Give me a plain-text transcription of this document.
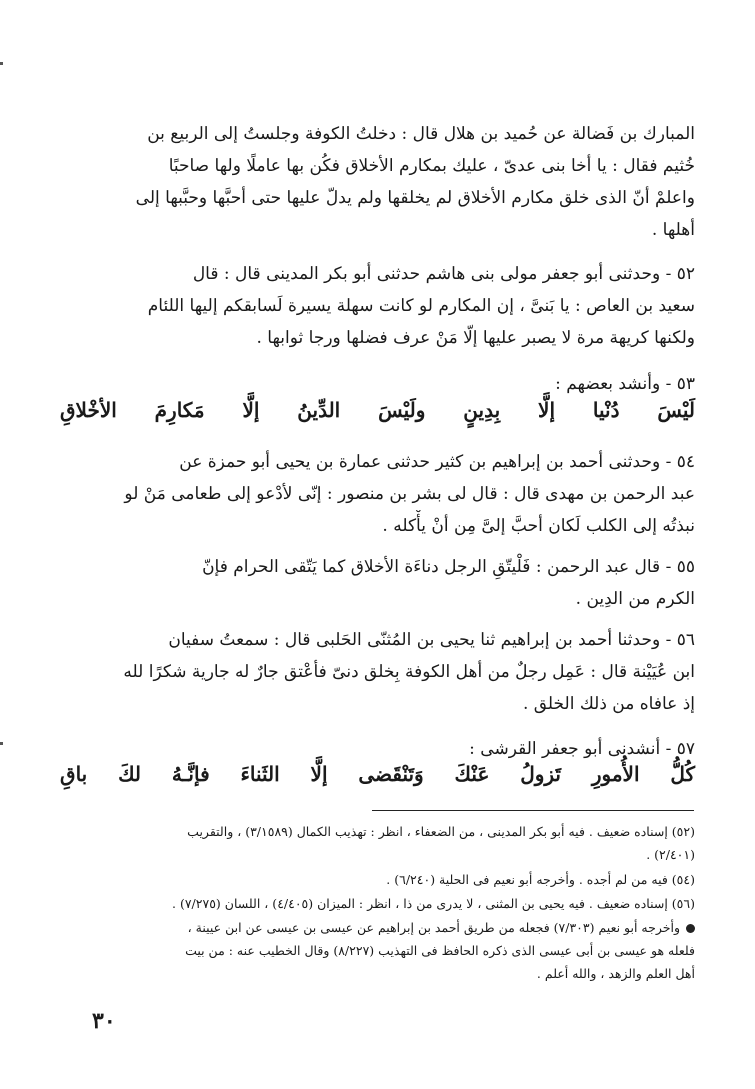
المبارك بن فَضالة عن حُميد بن هلال قال : دخلتُ الكوفة وجلستُ إلى الربيع بن
خُثيم فقال : يا أخا بنى عدىّ ، عليك بمكارم الأخلاق فكُن بها عاملًا ولها صاحبًا
واعلمْ أنّ الذى خلق مكارم الأخلاق لم يخلقها ولم يدلّ عليها حتى أحبَّها وحبَّبها إلى
أهلها .
٥٢ - وحدثنى أبو جعفر مولى بنى هاشم حدثنى أبو بكر المدينى قال : قال
سعيد بن العاص : يا بَنىَّ ، إن المكارم لو كانت سهلة يسيرة لَسابقكم إليها اللئام
ولكنها كريهة مرة لا يصبر عليها إلّا مَنْ عرف فضلها ورجا ثوابها .
٥٣ - وأنشد بعضهم :
لَيْسَ
دُنْيا
إلَّا
بِدِينٍ
ولَيْسَ
الدِّينُ
إلَّا
مَكارِمَ
الأخْلاقِ
٥٤ - وحدثنى أحمد بن إبراهيم بن كثير حدثنى عمارة بن يحيى أبو حمزة عن
عبد الرحمن بن مهدى قال : قال لى بشر بن منصور : إنّى لأدْعو إلى طعامى مَنْ لو
نبذتُه إلى الكلب لَكان أحبَّ إلىَّ مِن أنْ يأْكله .
٥٥ - قال عبد الرحمن : فَلْيتّقِ الرجل دناءَة الأخلاق كما يَتّقى الحرام فإنّ
الكرم من الدِين .
٥٦ - وحدثنا أحمد بن إبراهيم ثنا يحيى بن المُثنّى الحَلبى قال : سمعتُ سفيان
ابن عُيَيْنة قال : عَمِل رجلٌ من أهل الكوفة بِخلق دنىّ فأعْتق جارٌ له جارية شكرًا لله
إذ عافاه من ذلك الخلق .
٥٧ - أنشدنى أبو جعفر القرشى :
كُلُّ
الأُمورِ
تَزولُ
عَنْكَ
وَتَنْقَضى
إلَّا
الثَناءَ
فإنَّـهُ
لكَ
باقِ
(٥٢) إسناده ضعيف . فيه أبو بكر المدينى ، من الضعفاء ، انظر : تهذيب الكمال (٣/١٥٨٩) ، والتقريب
(٢/٤٠١) .
(٥٤) فيه من لم أجده . وأخرجه أبو نعيم فى الحلية (٦/٢٤٠) .
(٥٦) إسناده ضعيف . فيه يحيى بن المثنى ، لا يدرى من ذا ، انظر : الميزان (٤/٤٠٥) ، اللسان (٧/٢٧٥) .
وأخرجه أبو نعيم (٧/٣٠٣) فجعله من طريق أحمد بن إبراهيم عن عيسى بن عيسى عن ابن عيينة ،
فلعله هو عيسى بن أبى عيسى الذى ذكره الحافظ فى التهذيب (٨/٢٢٧) وقال الخطيب عنه : من بيت
أهل العلم والزهد ، والله أعلم .
٣٠
